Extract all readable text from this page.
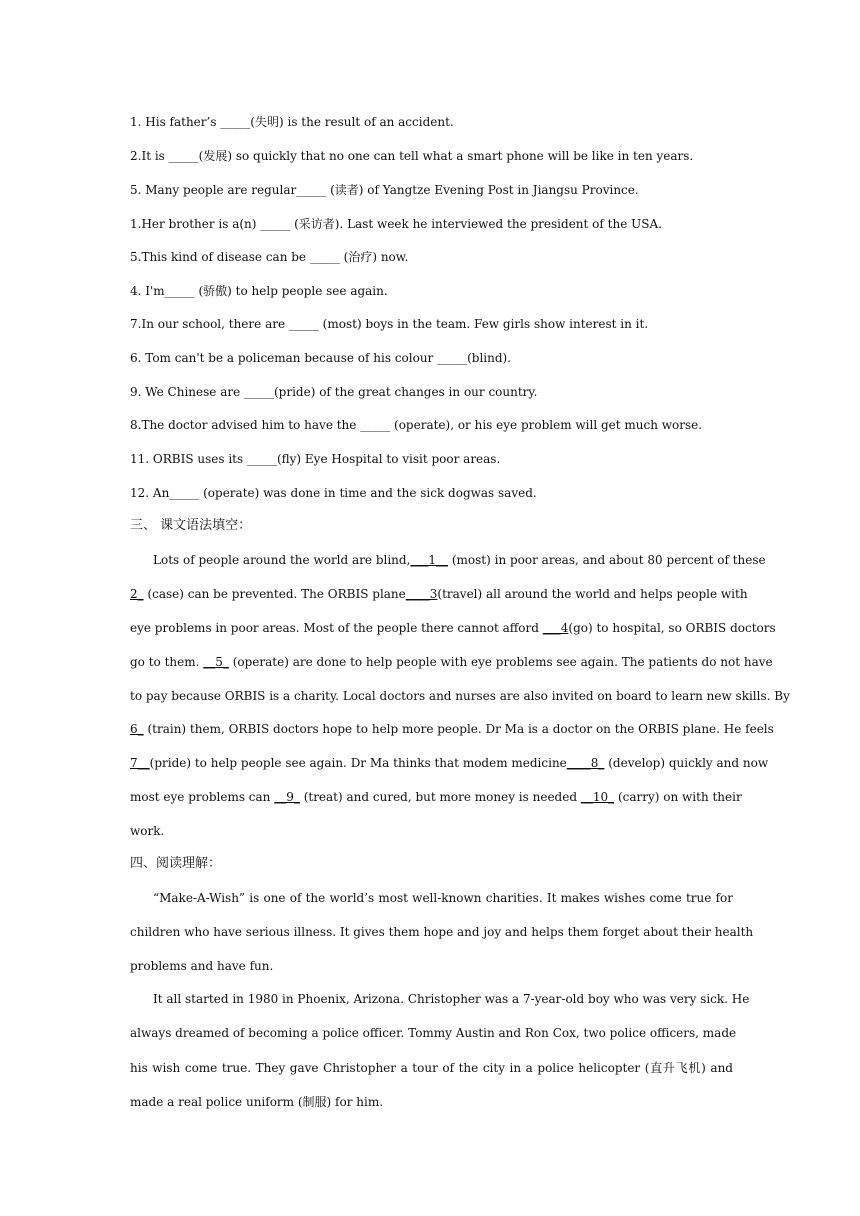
1. His father’s _____(失明) is the result of an accident.
2.It is _____(发展) so quickly that no one can tell what a smart phone will be like in ten years.
5. Many people are regular_____ (读者) of Yangtze Evening Post in Jiangsu Province.
1.Her brother is a(n) _____ (采访者). Last week he interviewed the president of the USA.
5.This kind of disease can be _____ (治疗) now.
4. I'm_____ (骄傲) to help people see again.
7.In our school, there are _____ (most) boys in the team. Few girls show interest in it.
6. Tom can't be a policeman because of his colour _____(blind).
9. We Chinese are _____(pride) of the great changes in our country.
8.The doctor advised him to have the _____ (operate), or his eye problem will get much worse.
11. ORBIS uses its _____(fly) Eye Hospital to visit poor areas.
12. An_____ (operate) was done in time and the sick dogwas saved.
三、 课文语法填空：
Lots of people around the world are blind,___1__ (most) in poor areas, and about 80 percent of these
2_ (case) can be prevented. The ORBIS plane____3(travel) all around the world and helps people with
eye problems in poor areas. Most of the people there cannot afford ___4(go) to hospital, so ORBIS doctors
go to them. __5_ (operate) are done to help people with eye problems see again. The patients do not have
to pay because ORBIS is a charity. Local doctors and nurses are also invited on board to learn new skills. By
6_ (train) them, ORBIS doctors hope to help more people. Dr Ma is a doctor on the ORBIS plane. He feels
7__(pride) to help people see again. Dr Ma thinks that modem medicine____8_ (develop) quickly and now
most eye problems can __9_ (treat) and cured, but more money is needed __10_ (carry) on with their
work.
四、阅读理解：
“Make-A-Wish” is one of the world’s most well-known charities. It makes wishes come true for
children who have serious illness. It gives them hope and joy and helps them forget about their health
problems and have fun.
It all started in 1980 in Phoenix, Arizona. Christopher was a 7-year-old boy who was very sick. He
always dreamed of becoming a police officer. Tommy Austin and Ron Cox, two police officers, made
his wish come true. They gave Christopher a tour of the city in a police helicopter (直升飞机) and
made a real police uniform (制服) for him.
